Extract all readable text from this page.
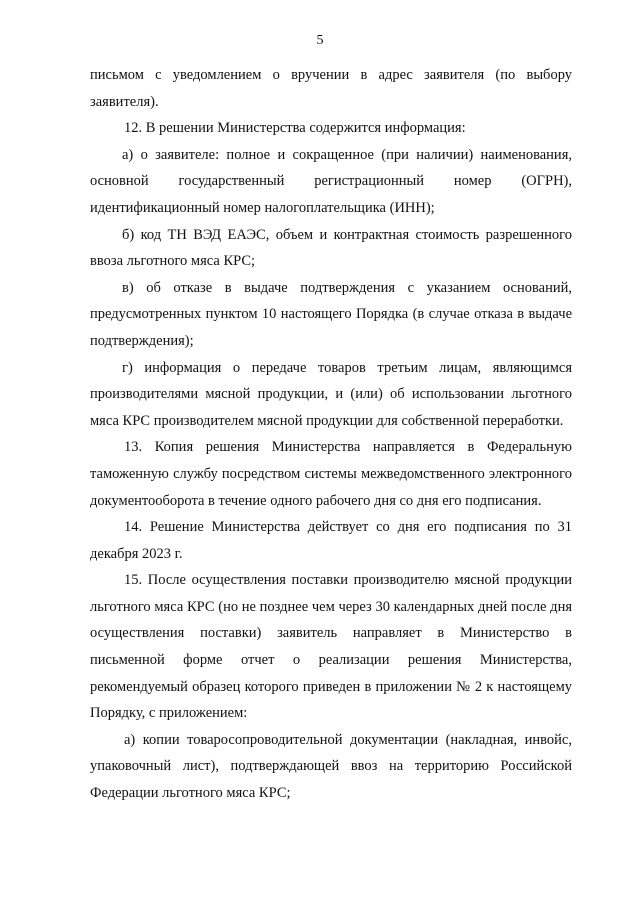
5

письмом с уведомлением о вручении в адрес заявителя (по выбору заявителя).

12. В решении Министерства содержится информация:

а) о заявителе: полное и сокращенное (при наличии) наименования, основной государственный регистрационный номер (ОГРН), идентификационный номер налогоплательщика (ИНН);

б) код ТН ВЭД ЕАЭС, объем и контрактная стоимость разрешенного ввоза льготного мяса КРС;

в) об отказе в выдаче подтверждения с указанием оснований, предусмотренных пунктом 10 настоящего Порядка (в случае отказа в выдаче подтверждения);

г) информация о передаче товаров третьим лицам, являющимся производителями мясной продукции, и (или) об использовании льготного мяса КРС производителем мясной продукции для собственной переработки.

13. Копия решения Министерства направляется в Федеральную таможенную службу посредством системы межведомственного электронного документооборота в течение одного рабочего дня со дня его подписания.

14. Решение Министерства действует со дня его подписания по 31 декабря 2023 г.

15. После осуществления поставки производителю мясной продукции льготного мяса КРС (но не позднее чем через 30 календарных дней после дня осуществления поставки) заявитель направляет в Министерство в письменной форме отчет о реализации решения Министерства, рекомендуемый образец которого приведен в приложении № 2 к настоящему Порядку, с приложением:

а) копии товаросопроводительной документации (накладная, инвойс, упаковочный лист), подтверждающей ввоз на территорию Российской Федерации льготного мяса КРС;
